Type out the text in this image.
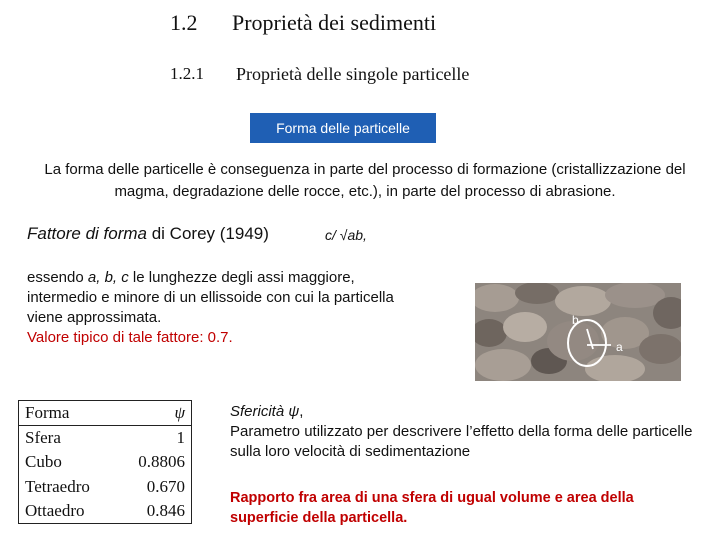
1.2 Proprietà dei sedimenti
1.2.1 Proprietà delle singole particelle
Forma delle particelle
La forma delle particelle è conseguenza in parte del processo di formazione (cristallizzazione del magma, degradazione delle rocce, etc.), in parte del processo di abrasione.
Fattore di forma di Corey (1949)	c/ √ab,
essendo a, b, c le lunghezze degli assi maggiore, intermedio e minore di un ellissoide con cui la particella viene approssimata.
Valore tipico di tale fattore: 0.7.
b
a
Forma	ψ
Sfera	1
Cubo	0.8806
Tetraedro	0.670
Ottaedro	0.846
Sfericità ψ,
Parametro utilizzato per descrivere l’effetto della forma delle particelle sulla loro velocità di sedimentazione
Rapporto fra area di una sfera di ugual volume e area della superficie della particella.
